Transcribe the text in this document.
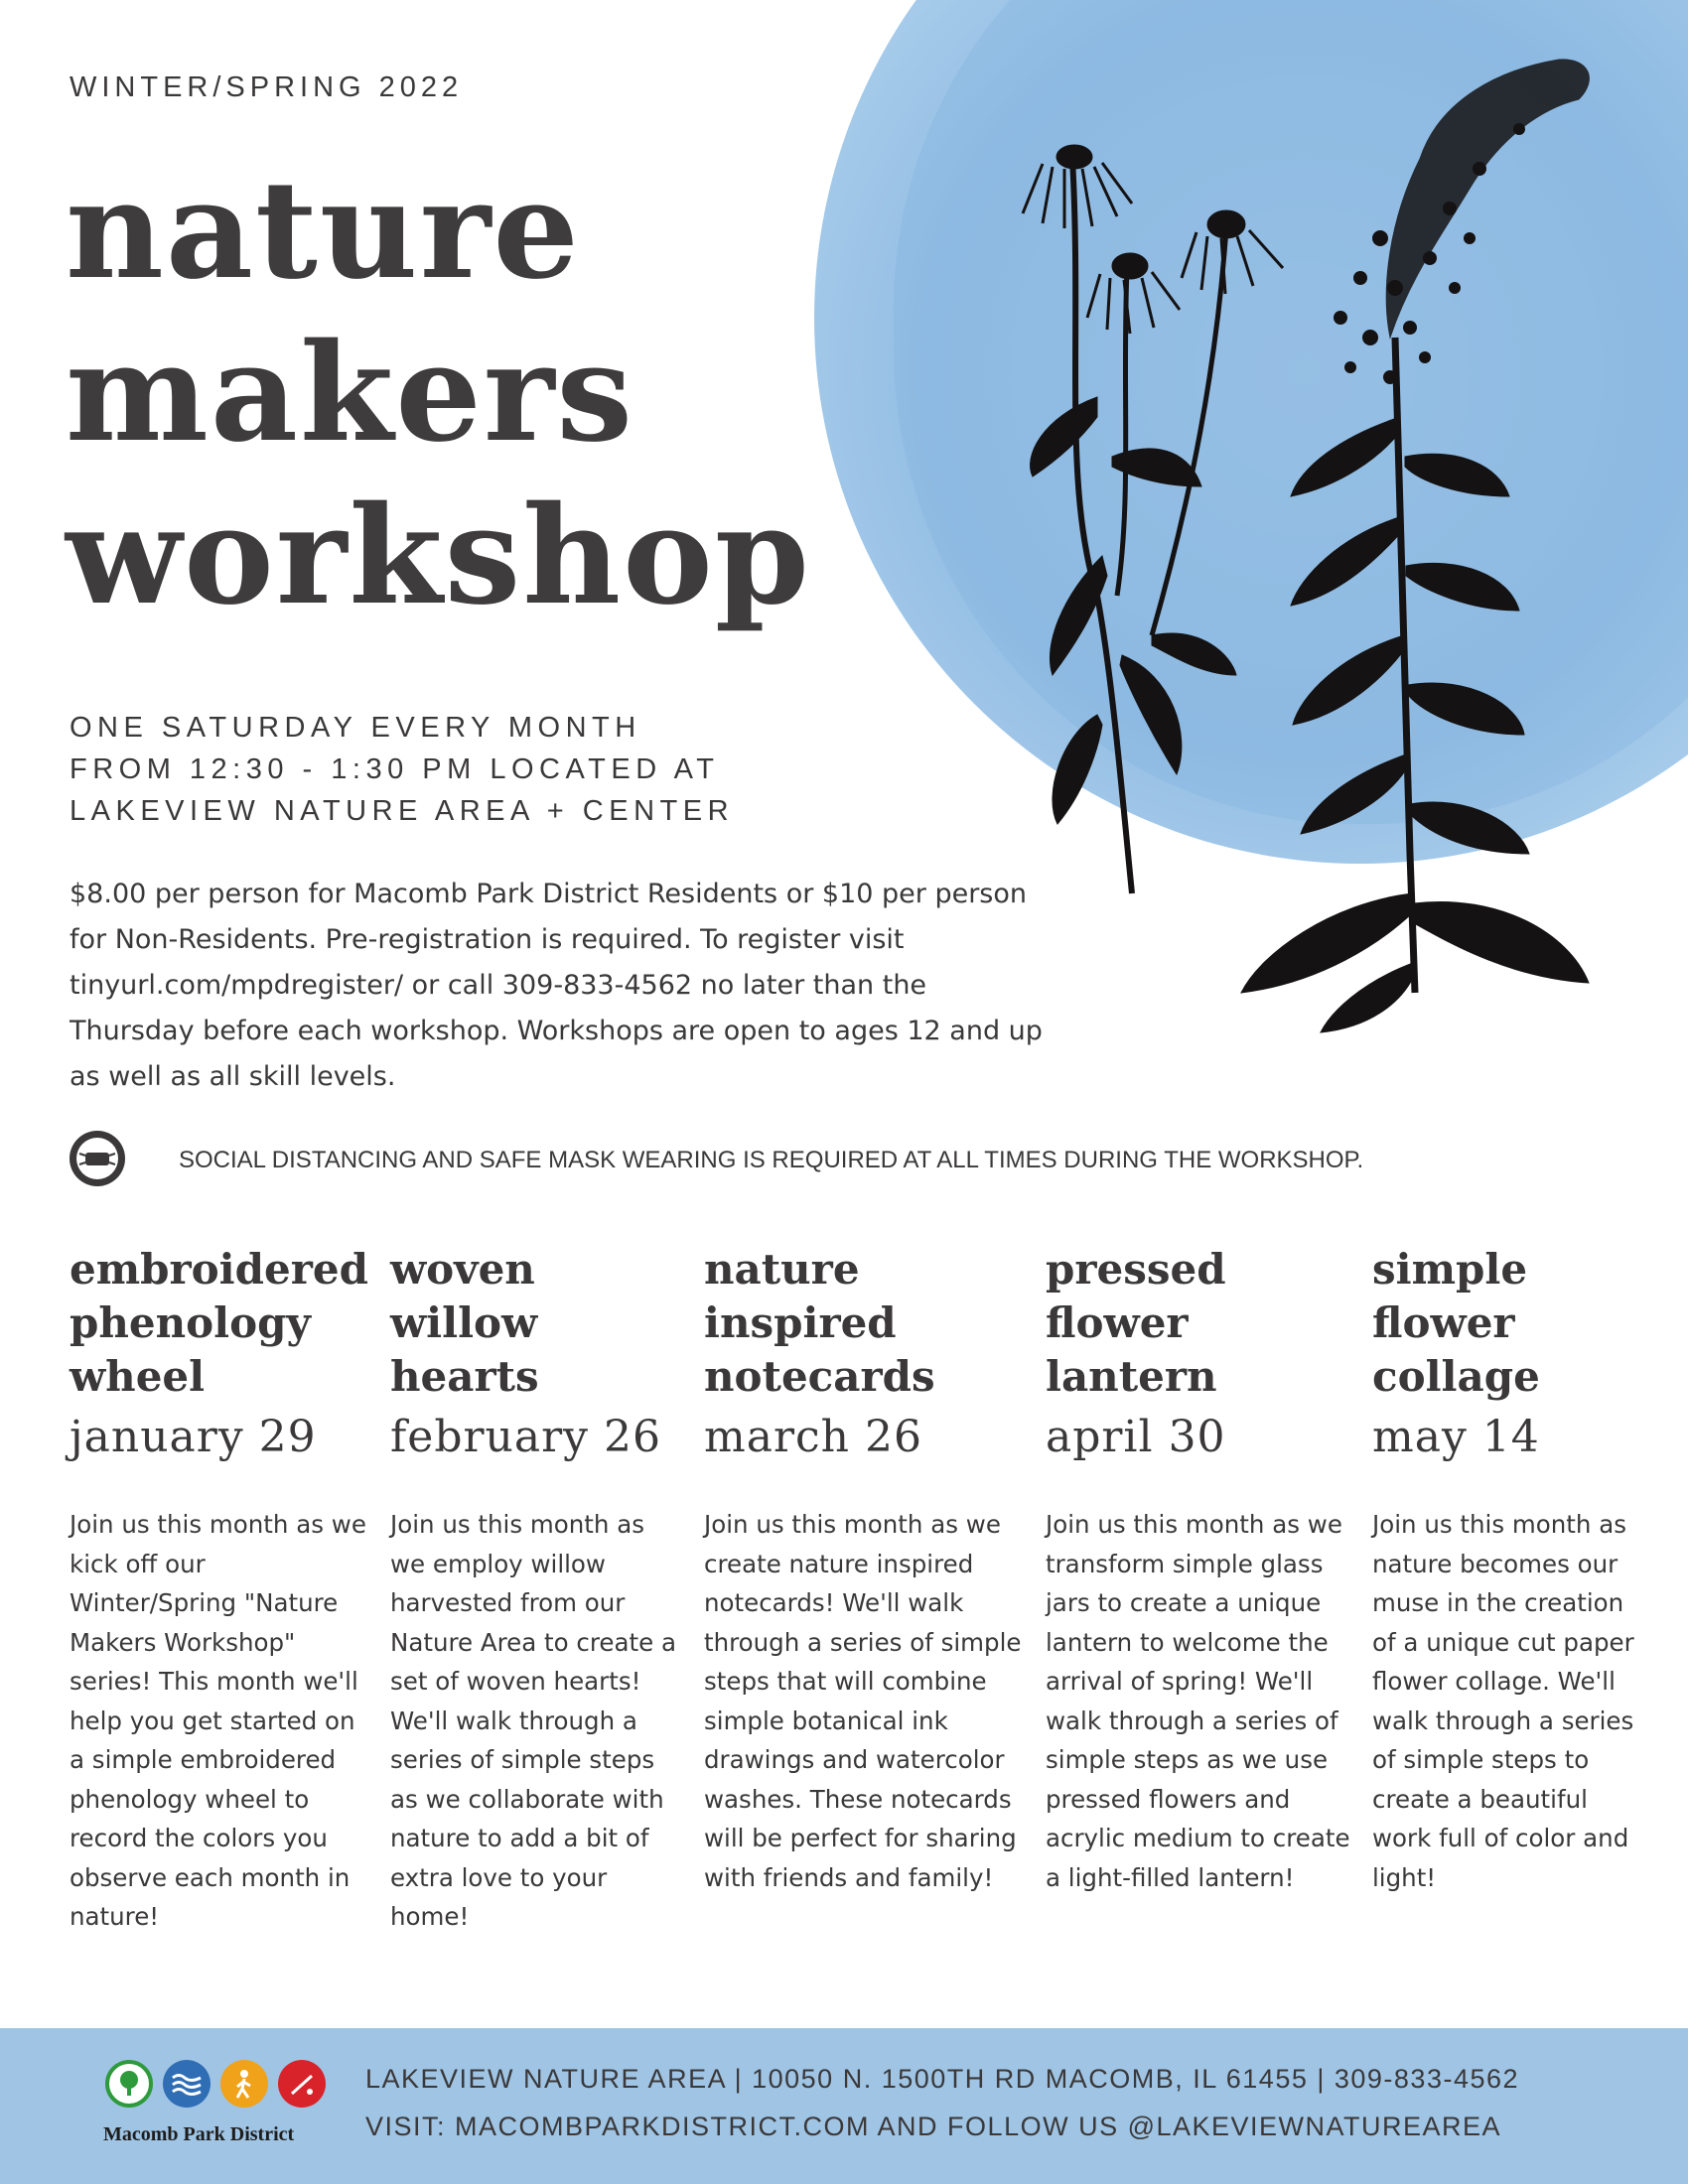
WINTER/SPRING 2022
nature
makers
workshop
ONE SATURDAY EVERY MONTH
FROM 12:30 - 1:30 PM LOCATED AT
LAKEVIEW NATURE AREA + CENTER

$8.00 per person for Macomb Park District Residents or $10 per person for Non-Residents. Pre-registration is required. To register visit tinyurl.com/mpdregister/ or call 309-833-4562 no later than the Thursday before each workshop. Workshops are open to ages 12 and up as well as all skill levels.

SOCIAL DISTANCING AND SAFE MASK WEARING IS REQUIRED AT ALL TIMES DURING THE WORKSHOP.
embroidered
phenology
wheel
january 29

Join us this month as we kick off our Winter/Spring "Nature Makers Workshop" series! This month we'll help you get started on a simple embroidered phenology wheel to record the colors you observe each month in nature!

woven
willow
hearts
february 26

Join us this month as we employ willow harvested from our Nature Area to create a set of woven hearts! We'll walk through a series of simple steps as we collaborate with nature to add a bit of extra love to your home!

nature
inspired
notecards
march 26

Join us this month as we create nature inspired notecards! We'll walk through a series of simple steps that will combine simple botanical ink drawings and watercolor washes. These notecards will be perfect for sharing with friends and family!

pressed
flower
lantern
april 30

Join us this month as we transform simple glass jars to create a unique lantern to welcome the arrival of spring! We'll walk through a series of simple steps as we use pressed flowers and acrylic medium to create a light-filled lantern!

simple
flower
collage
may 14

Join us this month as nature becomes our muse in the creation of a unique cut paper flower collage. We'll walk through a series of simple steps to create a beautiful work full of color and light!

Macomb Park District
LAKEVIEW NATURE AREA | 10050 N. 1500TH RD MACOMB, IL 61455 | 309-833-4562
VISIT: MACOMBPARKDISTRICT.COM AND FOLLOW US @LAKEVIEWNATUREAREA
